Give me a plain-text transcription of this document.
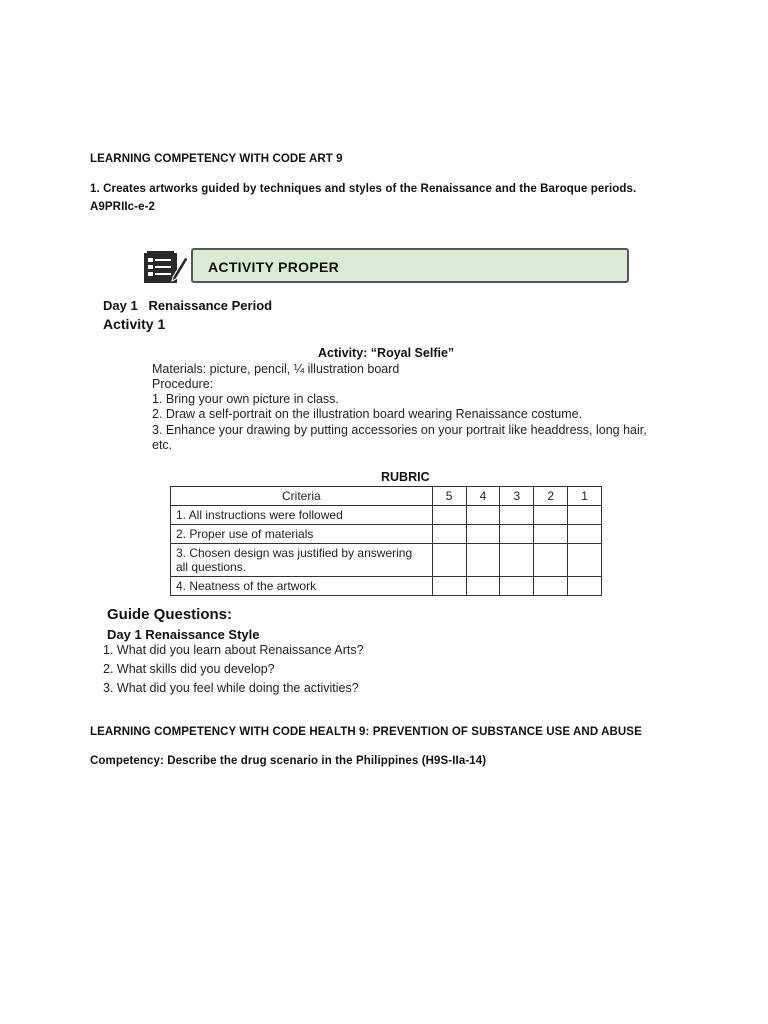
LEARNING COMPETENCY WITH CODE ART 9
1. Creates artworks guided by techniques and styles of the Renaissance and the Baroque periods.
A9PRIIc-e-2
ACTIVITY PROPER
Day 1   Renaissance Period
Activity 1
Activity: “Royal Selfie”
Materials: picture, pencil, ¼ illustration board
Procedure:
1. Bring your own picture in class.
2. Draw a self-portrait on the illustration board wearing Renaissance costume.
3. Enhance your drawing by putting accessories on your portrait like headdress, long hair,
etc.
RUBRIC
Criteria	5	4	3	2	1
1. All instructions were followed					
2. Proper use of materials					
3. Chosen design was justified by answering all questions.					
4. Neatness of the artwork					
Guide Questions:
Day 1 Renaissance Style
1. What did you learn about Renaissance Arts?
2. What skills did you develop?
3. What did you feel while doing the activities?
LEARNING COMPETENCY WITH CODE HEALTH 9: PREVENTION OF SUBSTANCE USE AND ABUSE
Competency: Describe the drug scenario in the Philippines (H9S-IIa-14)
